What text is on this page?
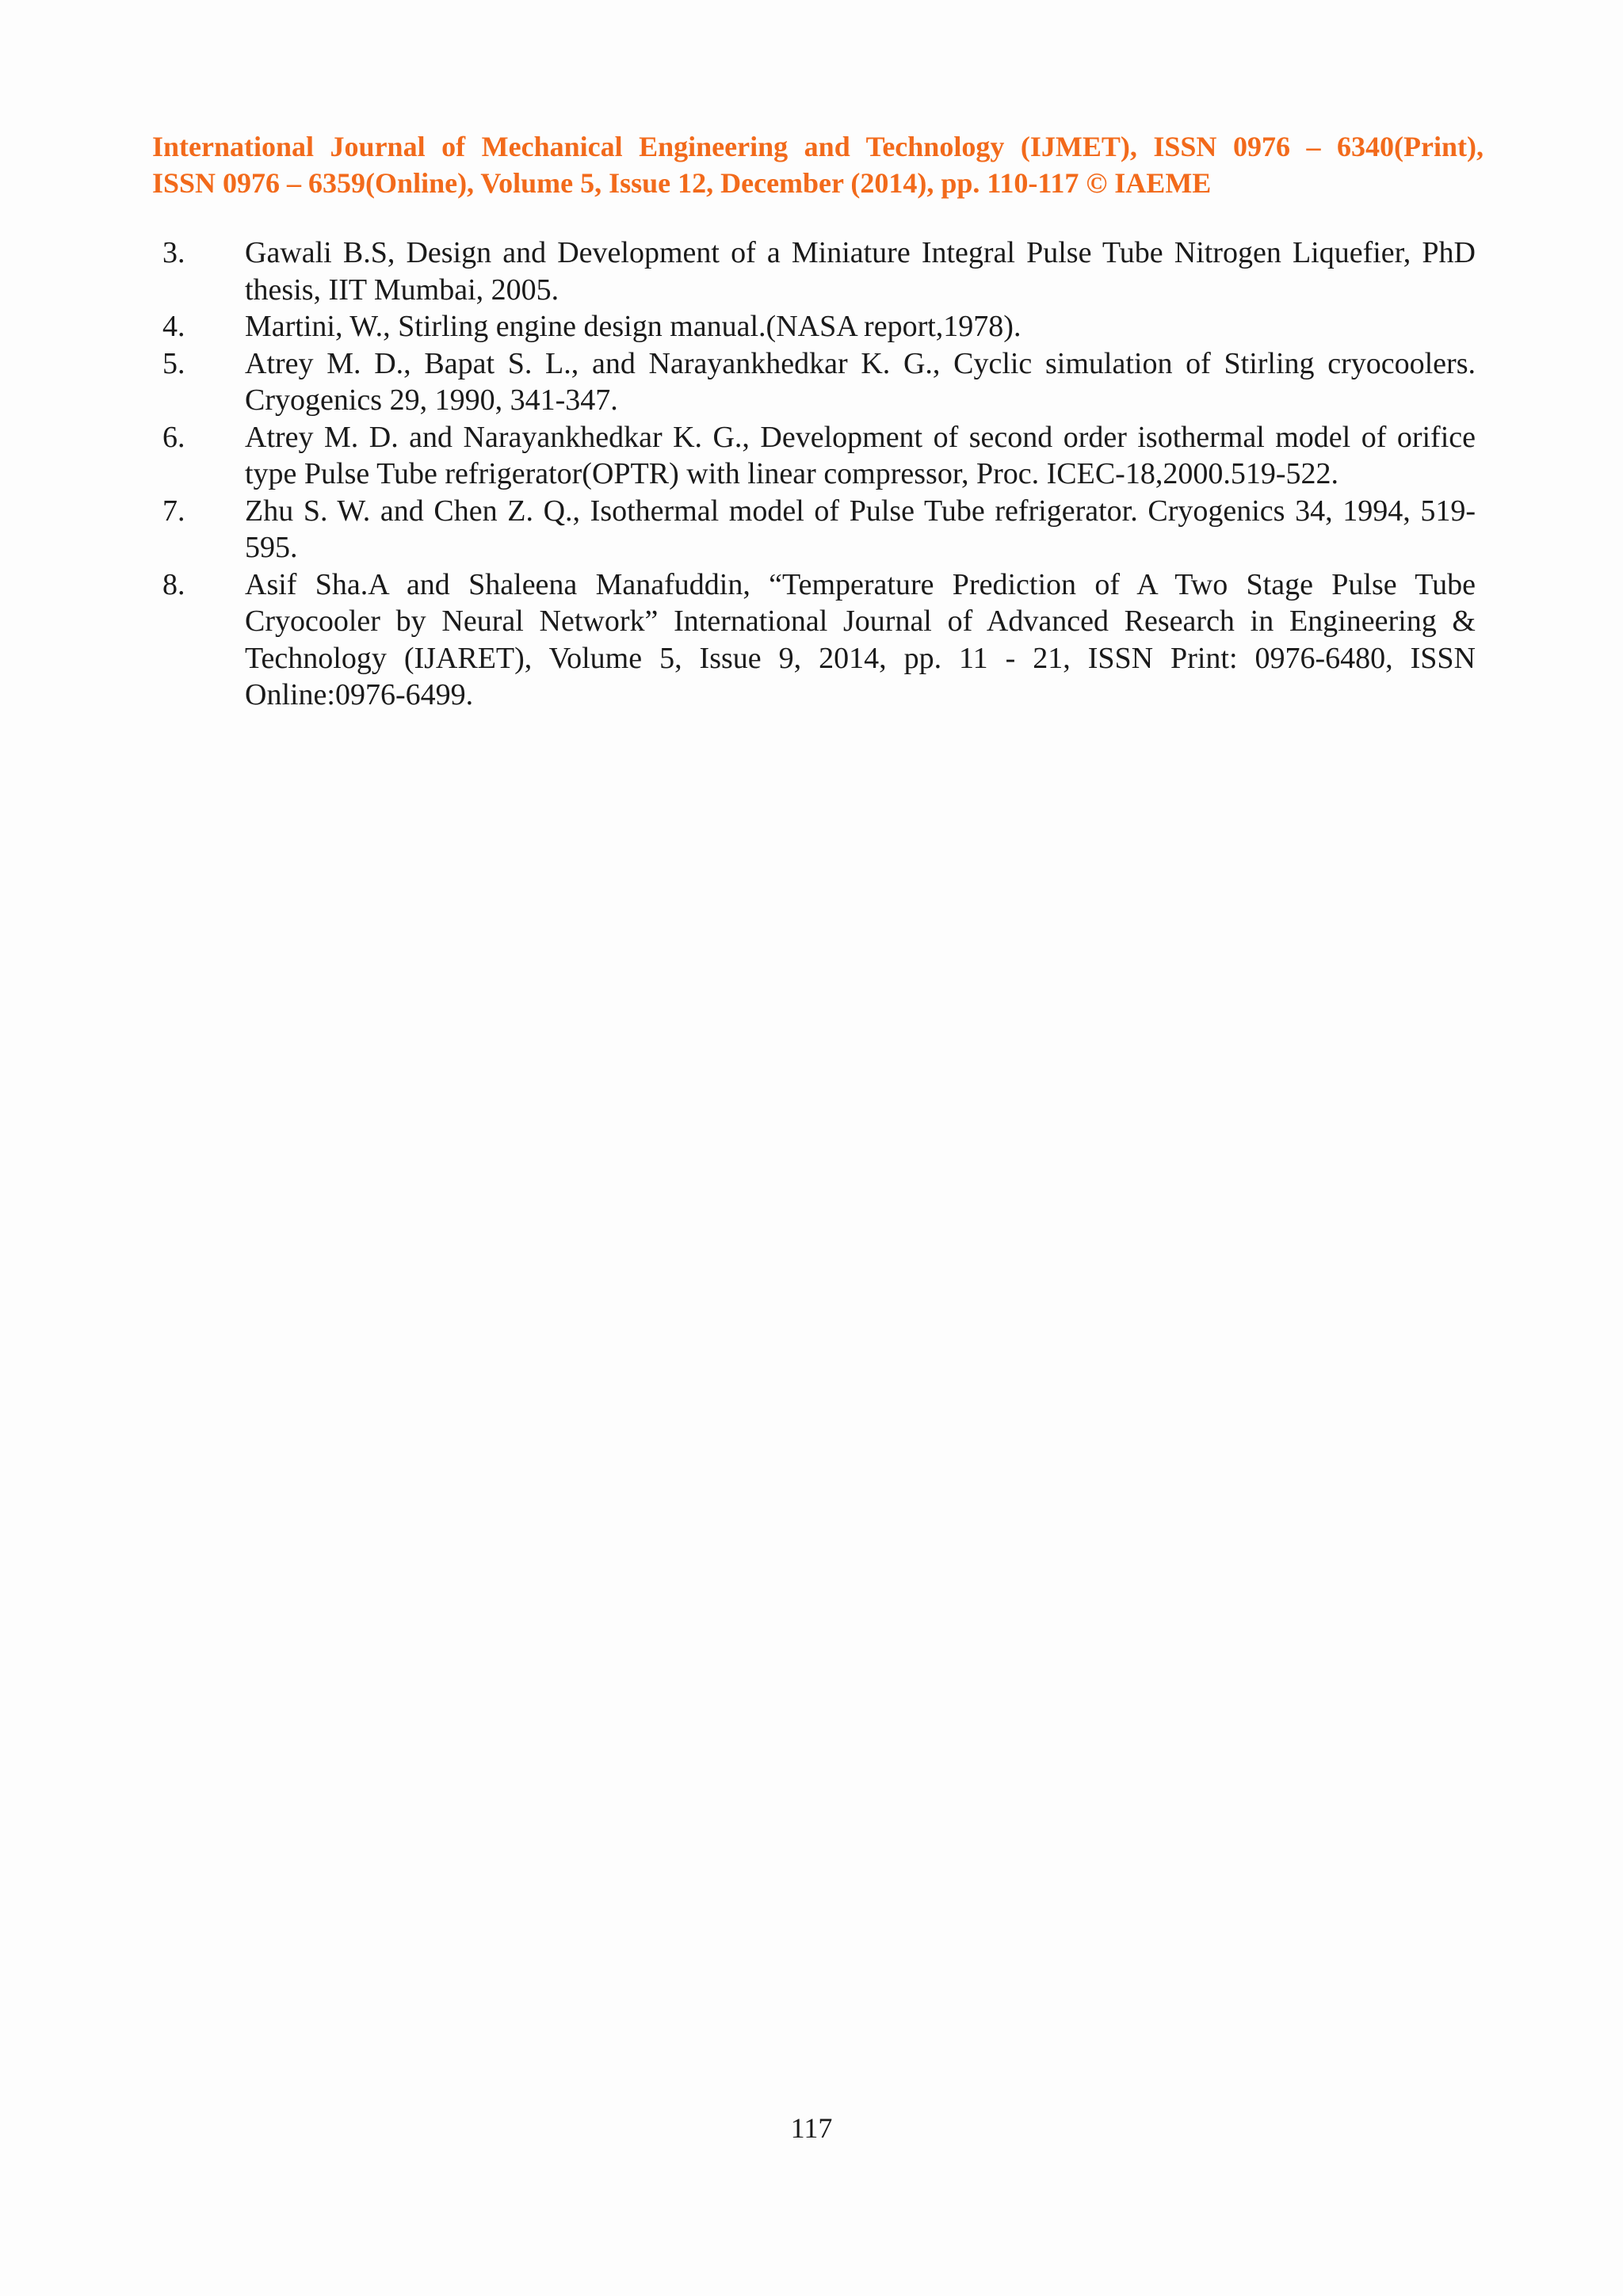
International Journal of Mechanical Engineering and Technology (IJMET), ISSN 0976 – 6340(Print),
ISSN 0976 – 6359(Online), Volume 5, Issue 12, December (2014), pp. 110-117 © IAEME
3.	Gawali B.S, Design and Development of a Miniature Integral Pulse Tube Nitrogen Liquefier, PhD thesis, IIT Mumbai, 2005.
4.	Martini, W., Stirling engine design manual.(NASA report,1978).
5.	Atrey M. D., Bapat S. L., and Narayankhedkar K. G., Cyclic simulation of Stirling cryocoolers. Cryogenics 29, 1990, 341-347.
6.	Atrey M. D. and Narayankhedkar K. G., Development of second order isothermal model of orifice type Pulse Tube refrigerator(OPTR) with linear compressor, Proc. ICEC-18,2000.519-522.
7.	Zhu S. W. and Chen Z. Q., Isothermal model of Pulse Tube refrigerator. Cryogenics 34, 1994, 519-595.
8.	Asif Sha.A and Shaleena Manafuddin, “Temperature Prediction of A Two Stage Pulse Tube Cryocooler by Neural Network” International Journal of Advanced Research in Engineering & Technology (IJARET), Volume 5, Issue 9, 2014, pp. 11 - 21, ISSN Print: 0976-6480, ISSN Online:0976-6499.
117
